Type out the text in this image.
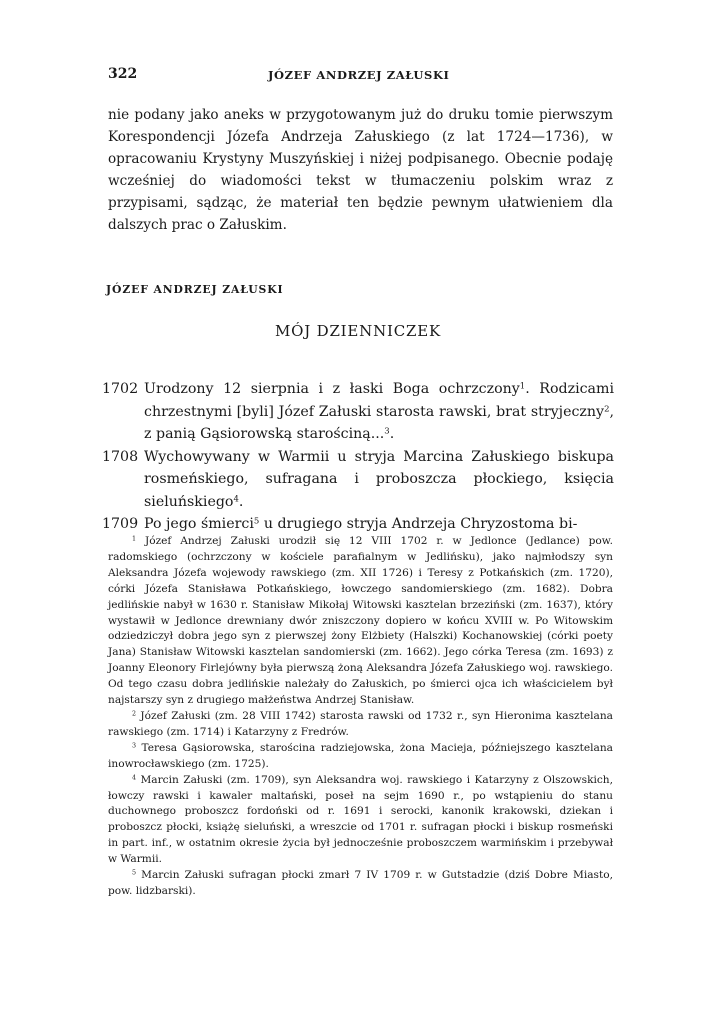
322	JÓZEF ANDRZEJ ZAŁUSKI

nie podany jako aneks w przygotowanym już do druku tomie pierwszym Korespondencji Józefa Andrzeja Załuskiego (z lat 1724—1736), w opracowaniu Krystyny Muszyńskiej i niżej podpisanego. Obecnie podaję wcześniej do wiadomości tekst w tłumaczeniu polskim wraz z przypisami, sądząc, że materiał ten będzie pewnym ułatwieniem dla dalszych prac o Załuskim.

JÓZEF ANDRZEJ ZAŁUSKI
MÓJ DZIENNICZEK
1702 Urodzony 12 sierpnia i z łaski Boga ochrzczony$^1$. Rodzicami chrzestnymi [byli] Józef Załuski starosta rawski, brat stryjeczny$^2$, z panią Gąsiorowską starościną...$^3$.
1708 Wychowywany w Warmii u stryja Marcina Załuskiego biskupa rosmeńskiego, sufragana i proboszcza płockiego, księcia sieluńskiego$^4$.
1709 Po jego śmierci$^5$ u drugiego stryja Andrzeja Chryzostoma bi-

$^1$ Józef Andrzej Załuski urodził się 12 VIII 1702 r. w Jedlonce (Jedlance) pow. radomskiego (ochrzczony w kościele parafialnym w Jedlińsku), jako najmłodszy syn Aleksandra Józefa wojewody rawskiego (zm. XII 1726) i Teresy z Potkańskich (zm. 1720), córki Józefa Stanisława Potkańskiego, łowczego sandomierskiego (zm. 1682). Dobra jedlińskie nabył w 1630 r. Stanisław Mikołaj Witowski kasztelan brzeziński (zm. 1637), który wystawił w Jedlonce drewniany dwór zniszczony dopiero w końcu XVIII w. Po Witowskim odziedziczył dobra jego syn z pierwszej żony Elżbiety (Halszki) Kochanowskiej (córki poety Jana) Stanisław Witowski kasztelan sandomierski (zm. 1662). Jego córka Teresa (zm. 1693) z Joanny Eleonory Firlejówny była pierwszą żoną Aleksandra Józefa Załuskiego woj. rawskiego. Od tego czasu dobra jedlińskie należały do Załuskich, po śmierci ojca ich właścicielem był najstarszy syn z drugiego małżeństwa Andrzej Stanisław.

$^2$ Józef Załuski (zm. 28 VIII 1742) starosta rawski od 1732 r., syn Hieronima kasztelana rawskiego (zm. 1714) i Katarzyny z Fredrów.

$^3$ Teresa Gąsiorowska, starościna radziejowska, żona Macieja, późniejszego kasztelana inowrocławskiego (zm. 1725).

$^4$ Marcin Załuski (zm. 1709), syn Aleksandra woj. rawskiego i Katarzyny z Olszowskich, łowczy rawski i kawaler maltański, poseł na sejm 1690 r., po wstąpieniu do stanu duchownego proboszcz fordoński od r. 1691 i serocki, kanonik krakowski, dziekan i proboszcz płocki, książę sieluński, a wreszcie od 1701 r. sufragan płocki i biskup rosmeński in part. inf., w ostatnim okresie życia był jednocześnie proboszczem warmińskim i przebywał w Warmii.

$^5$ Marcin Załuski sufragan płocki zmarł 7 IV 1709 r. w Gutstadzie (dziś Dobre Miasto, pow. lidzbarski).
